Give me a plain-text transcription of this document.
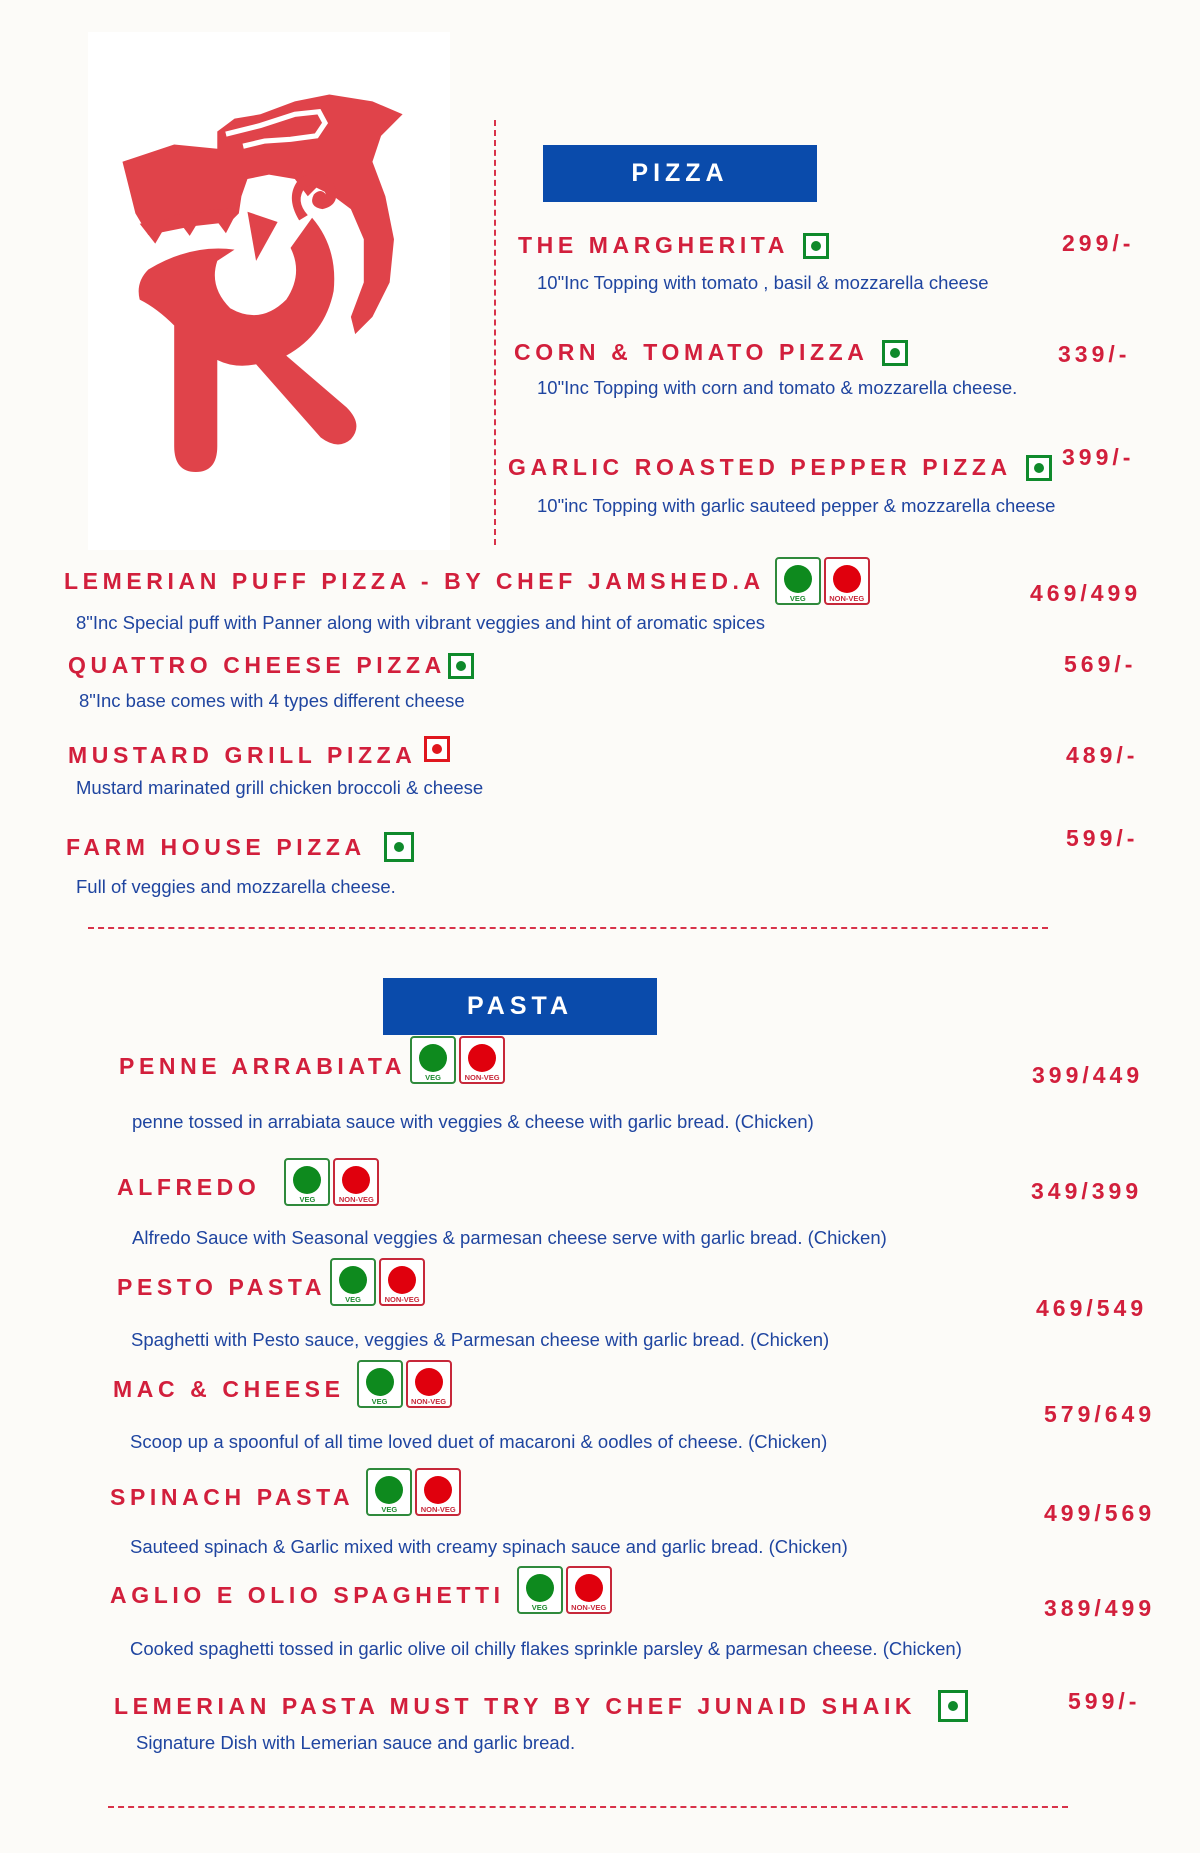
PIZZA
THE MARGHERITA	299/-
10"Inc Topping with tomato , basil & mozzarella cheese
CORN & TOMATO PIZZA	339/-
10"Inc Topping with corn and tomato & mozzarella cheese.
GARLIC ROASTED PEPPER PIZZA 399/-
10"inc Topping with garlic sauteed pepper & mozzarella cheese
LEMERIAN PUFF PIZZA - BY CHEF JAMSHED.A
VEG	NON-VEG	469/499
8"Inc Special puff with Panner along with vibrant veggies and hint of aromatic spices
QUATTRO CHEESE PIZZA	569/-
8"Inc base comes with 4 types different cheese
MUSTARD GRILL PIZZA	489/-
Mustard marinated grill chicken broccoli & cheese
FARM HOUSE PIZZA	599/-
Full of veggies and mozzarella cheese.
PASTA
PENNE ARRABIATA	VEG	NON-VEG	399/449
penne tossed in arrabiata sauce with veggies & cheese with garlic bread. (Chicken)
ALFREDO	VEG	NON-VEG	349/399
Alfredo Sauce with Seasonal veggies & parmesan cheese serve with garlic bread. (Chicken)
PESTO PASTA	VEG	NON-VEG	469/549
Spaghetti with Pesto sauce, veggies & Parmesan cheese with garlic bread. (Chicken)
MAC & CHEESE	VEG	NON-VEG	579/649
Scoop up a spoonful of all time loved duet of macaroni & oodles of cheese. (Chicken)
SPINACH PASTA	VEG	NON-VEG	499/569
Sauteed spinach & Garlic mixed with creamy spinach sauce and garlic bread. (Chicken)
AGLIO E OLIO SPAGHETTI	VEG	NON-VEG	389/499
Cooked spaghetti tossed in garlic olive oil chilly flakes sprinkle parsley & parmesan cheese. (Chicken)
LEMERIAN PASTA MUST TRY BY CHEF JUNAID SHAIK	599/-
Signature Dish with Lemerian sauce and garlic bread.
